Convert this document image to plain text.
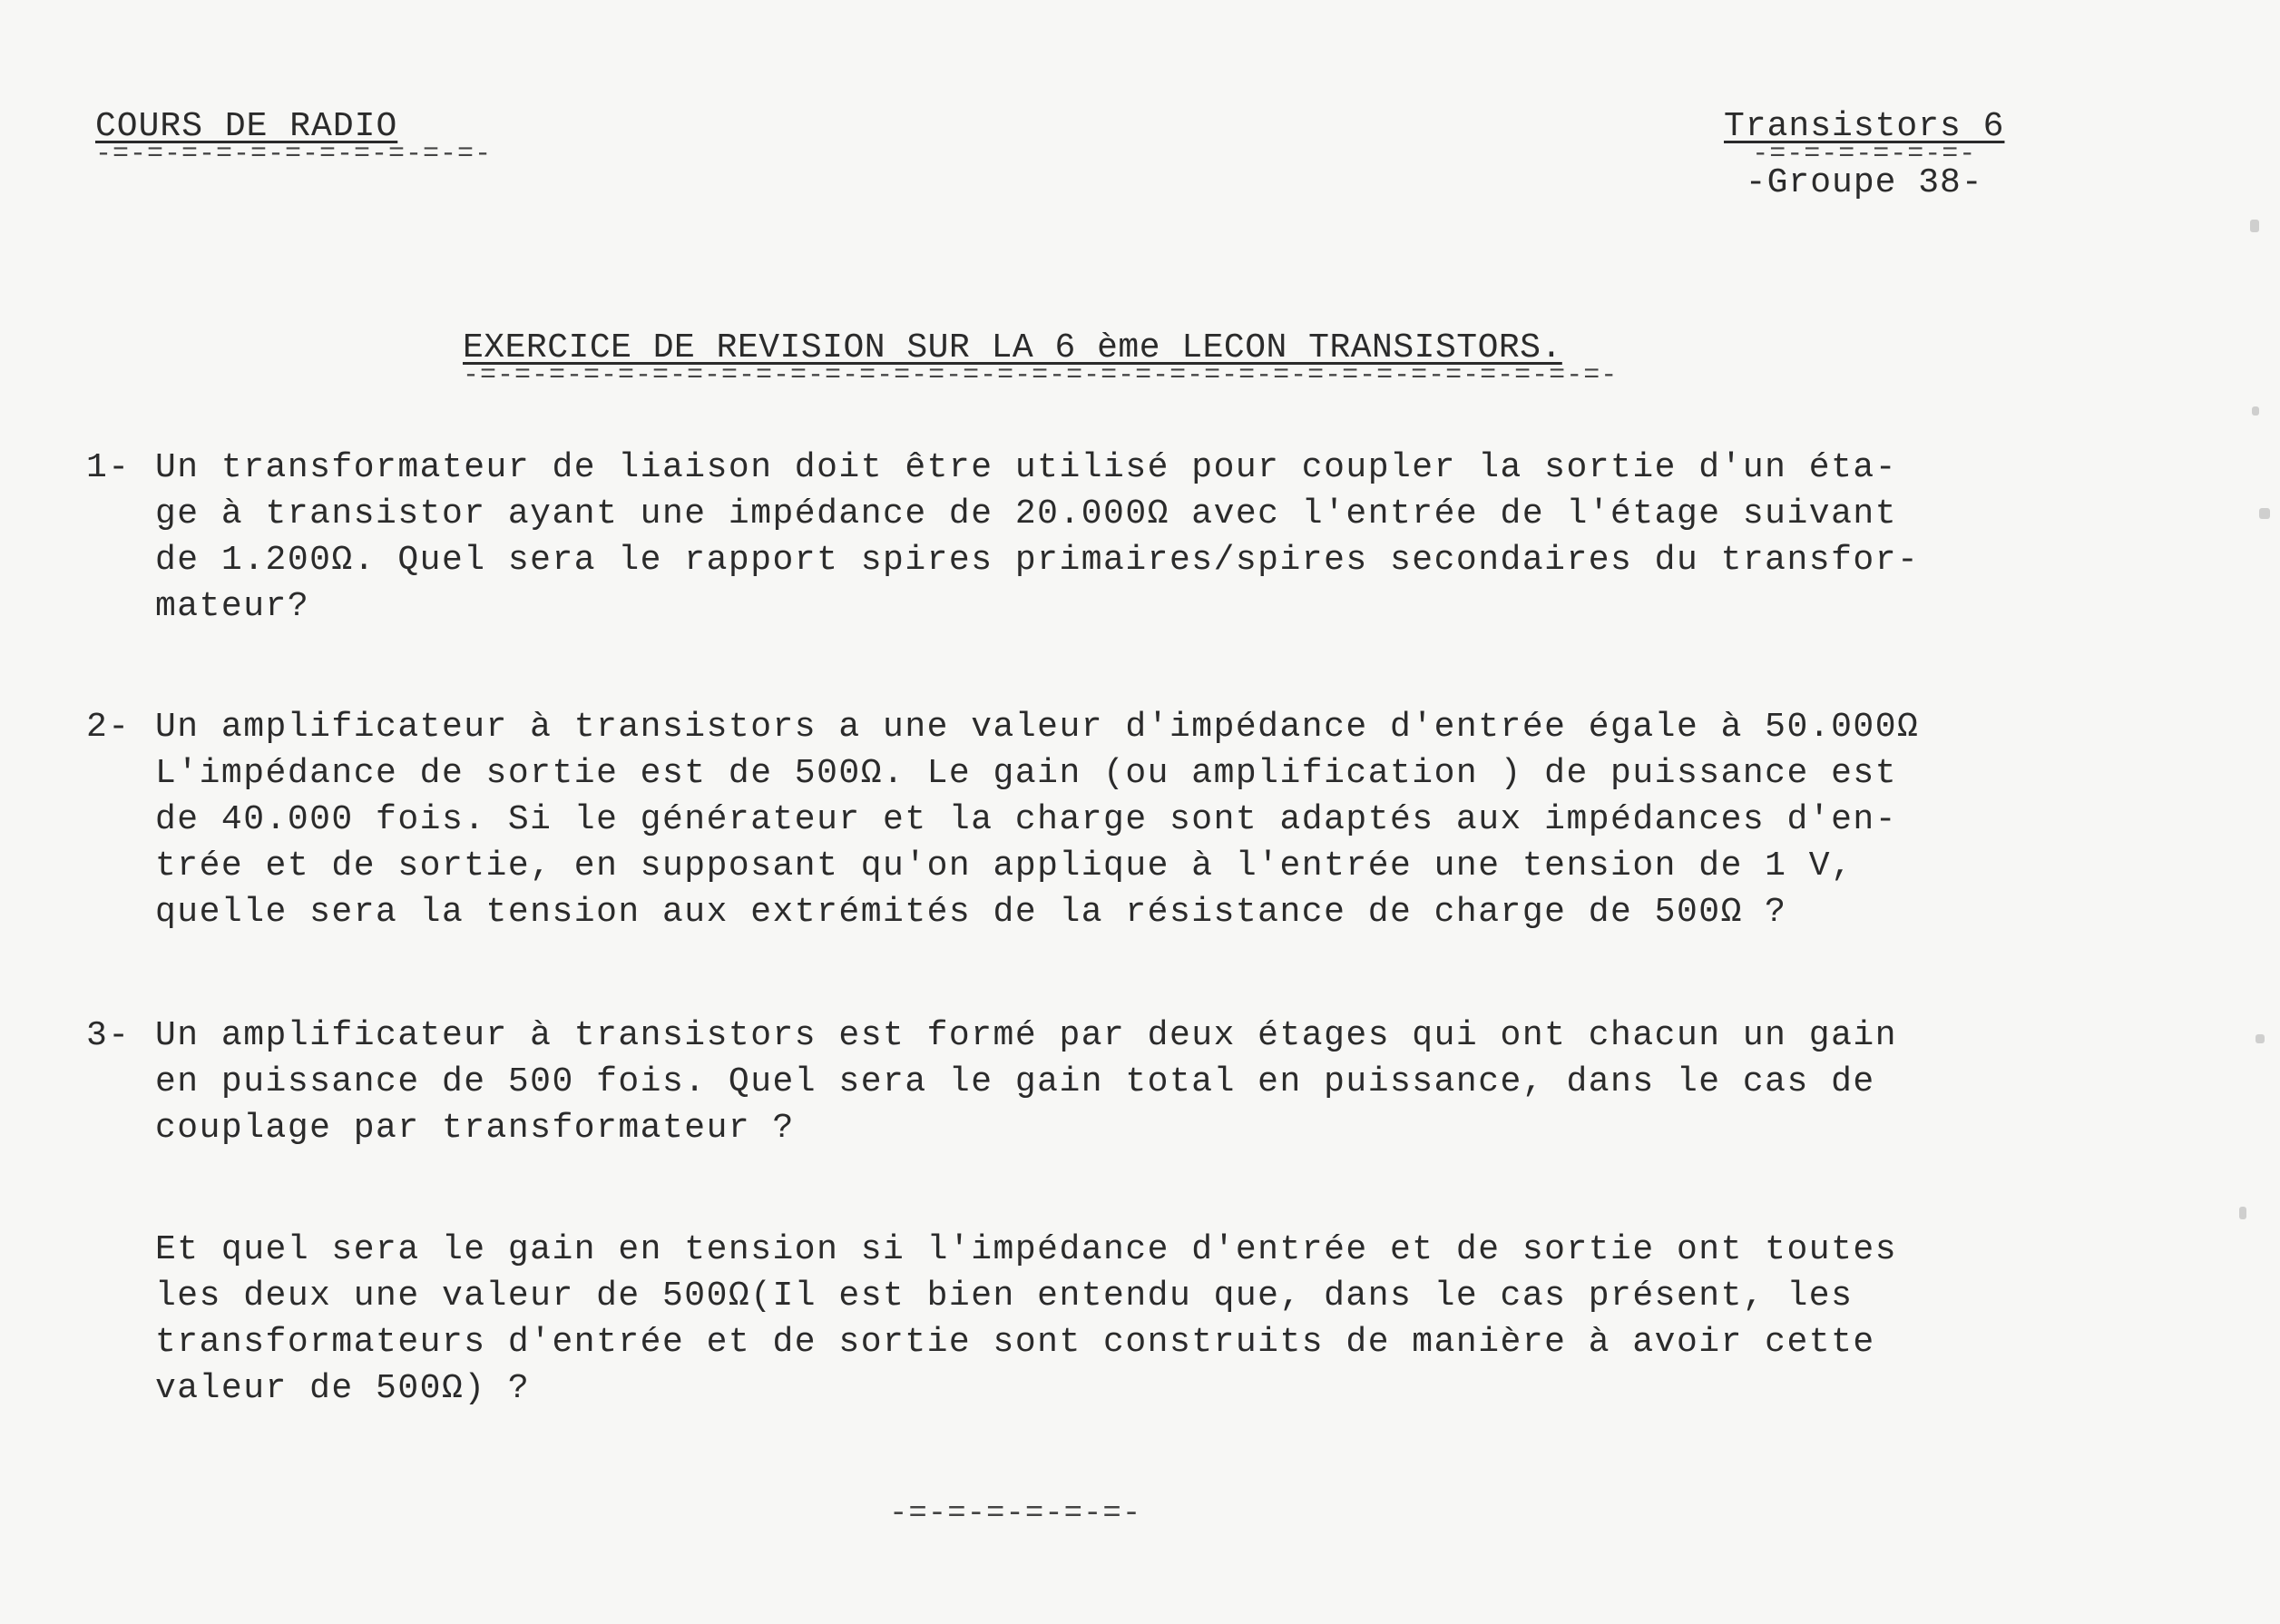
COURS DE RADIO
-=-=-=-=-=-=-=-=-=-=-=-
Transistors 6
-=-=-=-=-=-=-
-Groupe 38-
EXERCICE DE REVISION SUR LA 6 ème LECON TRANSISTORS.
-=-=-=-=-=-=-=-=-=-=-=-=-=-=-=-=-=-=-=-=-=-=-=-=-=-=-=-=-=-=-=-=-=-
1- Un transformateur de liaison doit être utilisé pour coupler la sortie d'un éta-
ge à transistor ayant une impédance de 20.000Ω avec l'entrée de l'étage suivant
de 1.200Ω. Quel sera le rapport spires primaires/spires secondaires du transfor-
mateur?
2- Un amplificateur à transistors a une valeur d'impédance d'entrée égale à 50.000Ω
L'impédance de sortie est de 500Ω. Le gain (ou amplification ) de puissance est
de 40.000 fois. Si le générateur et la charge sont adaptés aux impédances d'en-
trée et de sortie, en supposant qu'on applique à l'entrée une tension de 1 V,
quelle sera la tension aux extrémités de la résistance de charge de 500Ω ?
3- Un amplificateur à transistors est formé par deux étages qui ont chacun un gain
en puissance de 500 fois. Quel sera le gain total en puissance, dans le cas de
couplage par transformateur ?
Et quel sera le gain en tension si l'impédance d'entrée et de sortie ont toutes
les deux une valeur de 500Ω(Il est bien entendu que, dans le cas présent, les
transformateurs d'entrée et de sortie sont construits de manière à avoir cette
valeur de 500Ω) ?
-=-=-=-=-=-=-
